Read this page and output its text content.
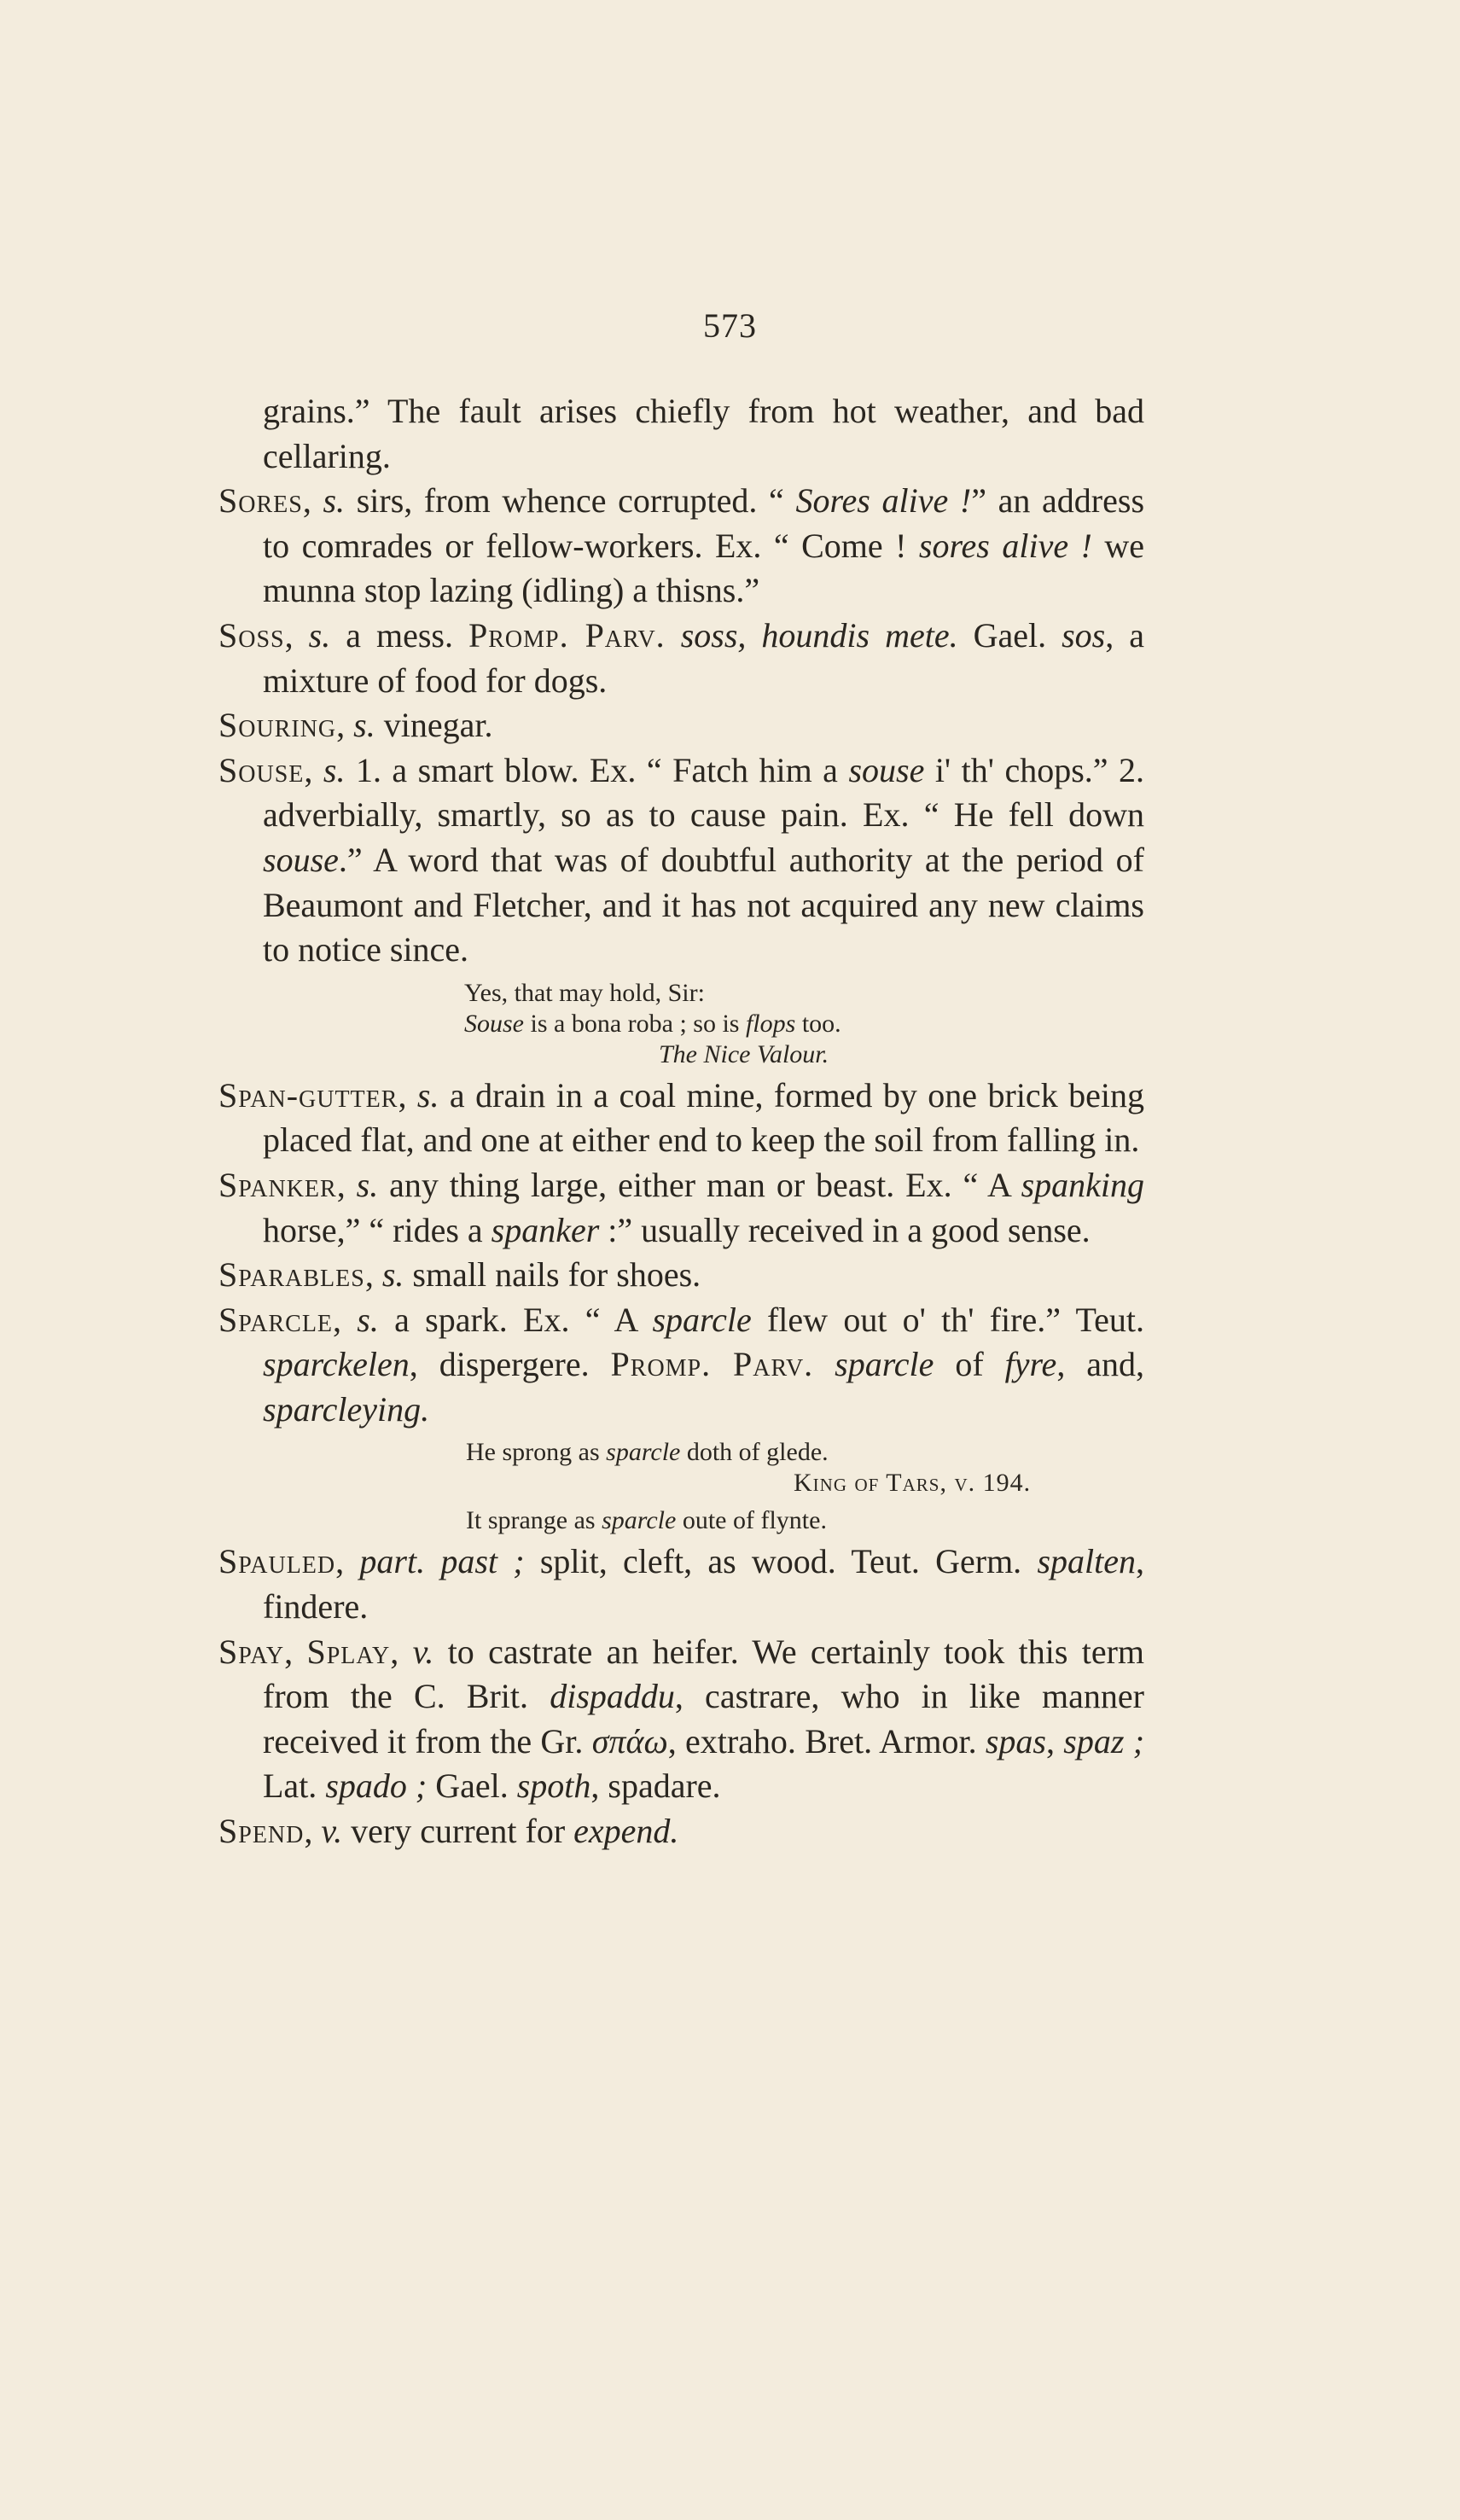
573

grains.” The fault arises chiefly from hot weather, and bad cellaring.

Sores, s. sirs, from whence corrupted. “ Sores alive !” an address to comrades or fellow-workers. Ex. “ Come ! sores alive ! we munna stop lazing (idling) a thisns.”

Soss, s. a mess. Promp. Parv. soss, houndis mete. Gael. sos, a mixture of food for dogs.

Souring, s. vinegar.

Souse, s. 1. a smart blow. Ex. “ Fatch him a souse i' th' chops.” 2. adverbially, smartly, so as to cause pain. Ex. “ He fell down souse.” A word that was of doubtful authority at the period of Beaumont and Fletcher, and it has not acquired any new claims to notice since.

Yes, that may hold, Sir:
Souse is a bona roba ; so is flops too.
The Nice Valour.

Span-gutter, s. a drain in a coal mine, formed by one brick being placed flat, and one at either end to keep the soil from falling in.

Spanker, s. any thing large, either man or beast. Ex. “ A spanking horse,” “ rides a spanker :” usually received in a good sense.

Sparables, s. small nails for shoes.

Sparcle, s. a spark. Ex. “ A sparcle flew out o' th' fire.” Teut. sparckelen, dispergere. Promp. Parv. sparcle of fyre, and, sparcleying.

He sprong as sparcle doth of glede.
King of Tars, v. 194.
It sprange as sparcle oute of flynte.

Spauled, part. past ; split, cleft, as wood. Teut. Germ. spalten, findere.

Spay, Splay, v. to castrate an heifer. We certainly took this term from the C. Brit. dispaddu, castrare, who in like manner received it from the Gr. σπάω, extraho. Bret. Armor. spas, spaz ; Lat. spado ; Gael. spoth, spadare.

Spend, v. very current for expend.
